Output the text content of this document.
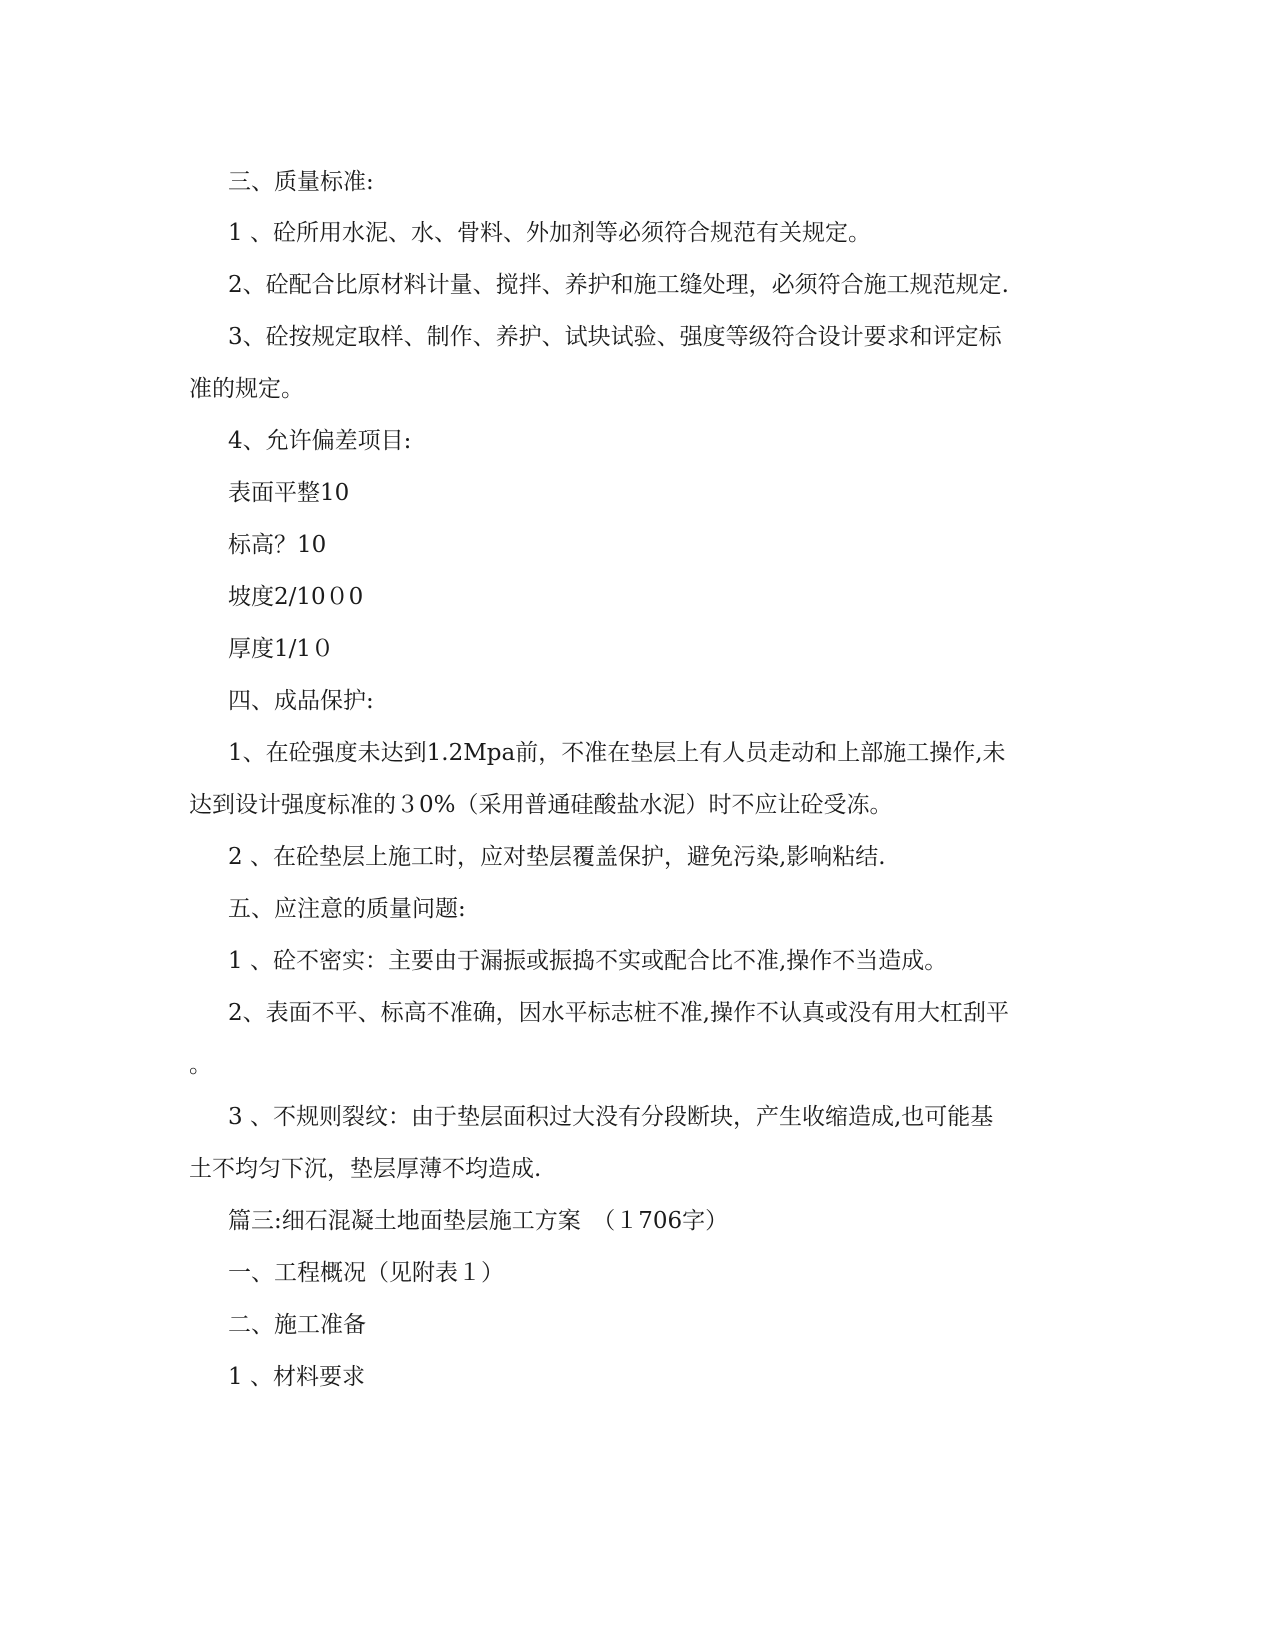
三、质量标准:
1 、砼所用水泥、水、骨料、外加剂等必须符合规范有关规定。
2、砼配合比原材料计量、搅拌、养护和施工缝处理，必须符合施工规范规定.
3、砼按规定取样、制作、养护、试块试验、强度等级符合设计要求和评定标
准的规定。
4、允许偏差项目:
表面平整10
标高？10
坡度2/10０0
厚度1/1０
四、成品保护:
1、在砼强度未达到1.2Mpa前，不准在垫层上有人员走动和上部施工操作,未
达到设计强度标准的３0%（采用普通硅酸盐水泥）时不应让砼受冻。
2 、在砼垫层上施工时，应对垫层覆盖保护，避免污染,影响粘结.
五、应注意的质量问题:
1 、砼不密实：主要由于漏振或振捣不实或配合比不准,操作不当造成。
2、表面不平、标高不准确，因水平标志桩不准,操作不认真或没有用大杠刮平
。
3 、不规则裂纹：由于垫层面积过大没有分段断块，产生收缩造成,也可能基
土不均匀下沉，垫层厚薄不均造成.
篇三:细石混凝土地面垫层施工方案　（１706字）
一、工程概况（见附表１）
二、施工准备
1 、材料要求
